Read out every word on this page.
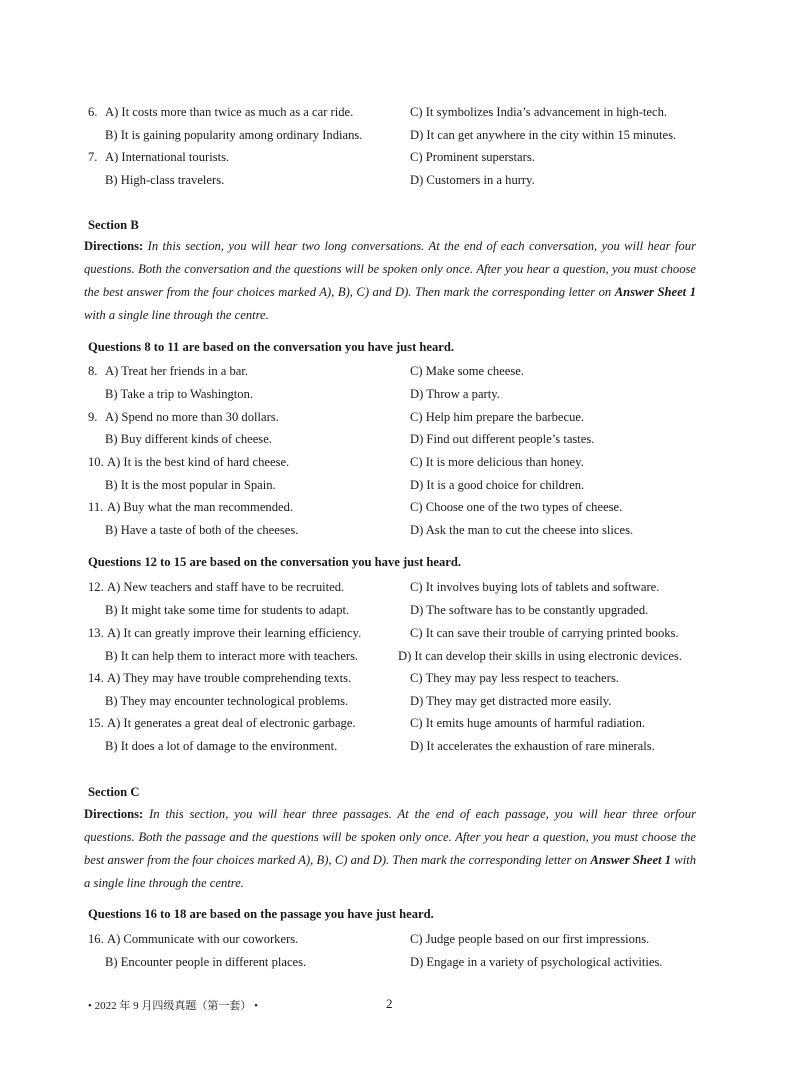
6. A) It costs more than twice as much as a car ride.	C) It symbolizes India’s advancement in high-tech.
B) It is gaining popularity among ordinary Indians.	D) It can get anywhere in the city within 15 minutes.
7. A) International tourists.	C) Prominent superstars.
B) High-class travelers.	D) Customers in a hurry.
Section B
Directions: In this section, you will hear two long conversations. At the end of each conversation, you will hear four questions. Both the conversation and the questions will be spoken only once. After you hear a question, you must choose the best answer from the four choices marked A), B), C) and D). Then mark the corresponding letter on Answer Sheet 1 with a single line through the centre.
Questions 8 to 11 are based on the conversation you have just heard.
8. A) Treat her friends in a bar.	C) Make some cheese.
B) Take a trip to Washington.	D) Throw a party.
9. A) Spend no more than 30 dollars.	C) Help him prepare the barbecue.
B) Buy different kinds of cheese.	D) Find out different people’s tastes.
10. A) It is the best kind of hard cheese.	C) It is more delicious than honey.
B) It is the most popular in Spain.	D) It is a good choice for children.
11. A) Buy what the man recommended.	C) Choose one of the two types of cheese.
B) Have a taste of both of the cheeses.	D) Ask the man to cut the cheese into slices.
Questions 12 to 15 are based on the conversation you have just heard.
12. A) New teachers and staff have to be recruited.	C) It involves buying lots of tablets and software.
B) It might take some time for students to adapt.	D) The software has to be constantly upgraded.
13. A) It can greatly improve their learning efficiency.	C) It can save their trouble of carrying printed books.
B) It can help them to interact more with teachers.	D) It can develop their skills in using electronic devices.
14. A) They may have trouble comprehending texts.	C) They may pay less respect to teachers.
B) They may encounter technological problems.	D) They may get distracted more easily.
15. A) It generates a great deal of electronic garbage.	C) It emits huge amounts of harmful radiation.
B) It does a lot of damage to the environment.	D) It accelerates the exhaustion of rare minerals.
Section C
Directions: In this section, you will hear three passages. At the end of each passage, you will hear three orfour questions. Both the passage and the questions will be spoken only once. After you hear a question, you must choose the best answer from the four choices marked A), B), C) and D). Then mark the corresponding letter on Answer Sheet 1 with a single line through the centre.
Questions 16 to 18 are based on the passage you have just heard.
16. A) Communicate with our coworkers.	C) Judge people based on our first impressions.
B) Encounter people in different places.	D) Engage in a variety of psychological activities.
• 2022 年 9 月四级真题（第一套） •	2
